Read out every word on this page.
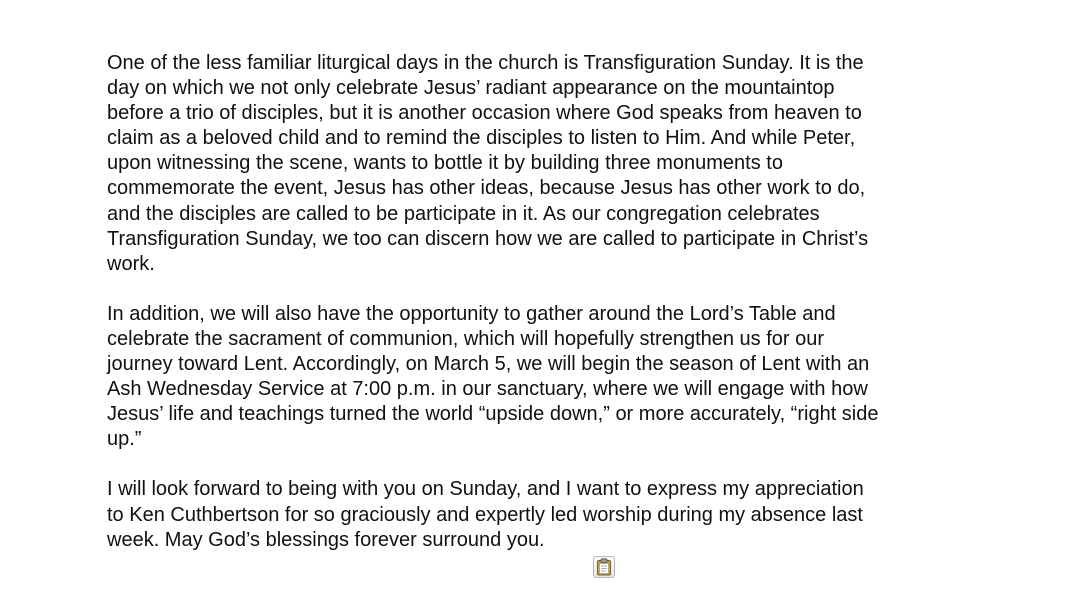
One of the less familiar liturgical days in the church is Transfiguration Sunday. It is the
day on which we not only celebrate Jesus’ radiant appearance on the mountaintop
before a trio of disciples, but it is another occasion where God speaks from heaven to
claim as a beloved child and to remind the disciples to listen to Him. And while Peter,
upon witnessing the scene, wants to bottle it by building three monuments to
commemorate the event, Jesus has other ideas, because Jesus has other work to do,
and the disciples are called to be participate in it. As our congregation celebrates
Transfiguration Sunday, we too can discern how we are called to participate in Christ’s
work.

In addition, we will also have the opportunity to gather around the Lord’s Table and
celebrate the sacrament of communion, which will hopefully strengthen us for our
journey toward Lent. Accordingly, on March 5, we will begin the season of Lent with an
Ash Wednesday Service at 7:00 p.m. in our sanctuary, where we will engage with how
Jesus’ life and teachings turned the world “upside down,” or more accurately, “right side
up.”

I will look forward to being with you on Sunday, and I want to express my appreciation
to Ken Cuthbertson for so graciously and expertly led worship during my absence last
week. May God’s blessings forever surround you.
